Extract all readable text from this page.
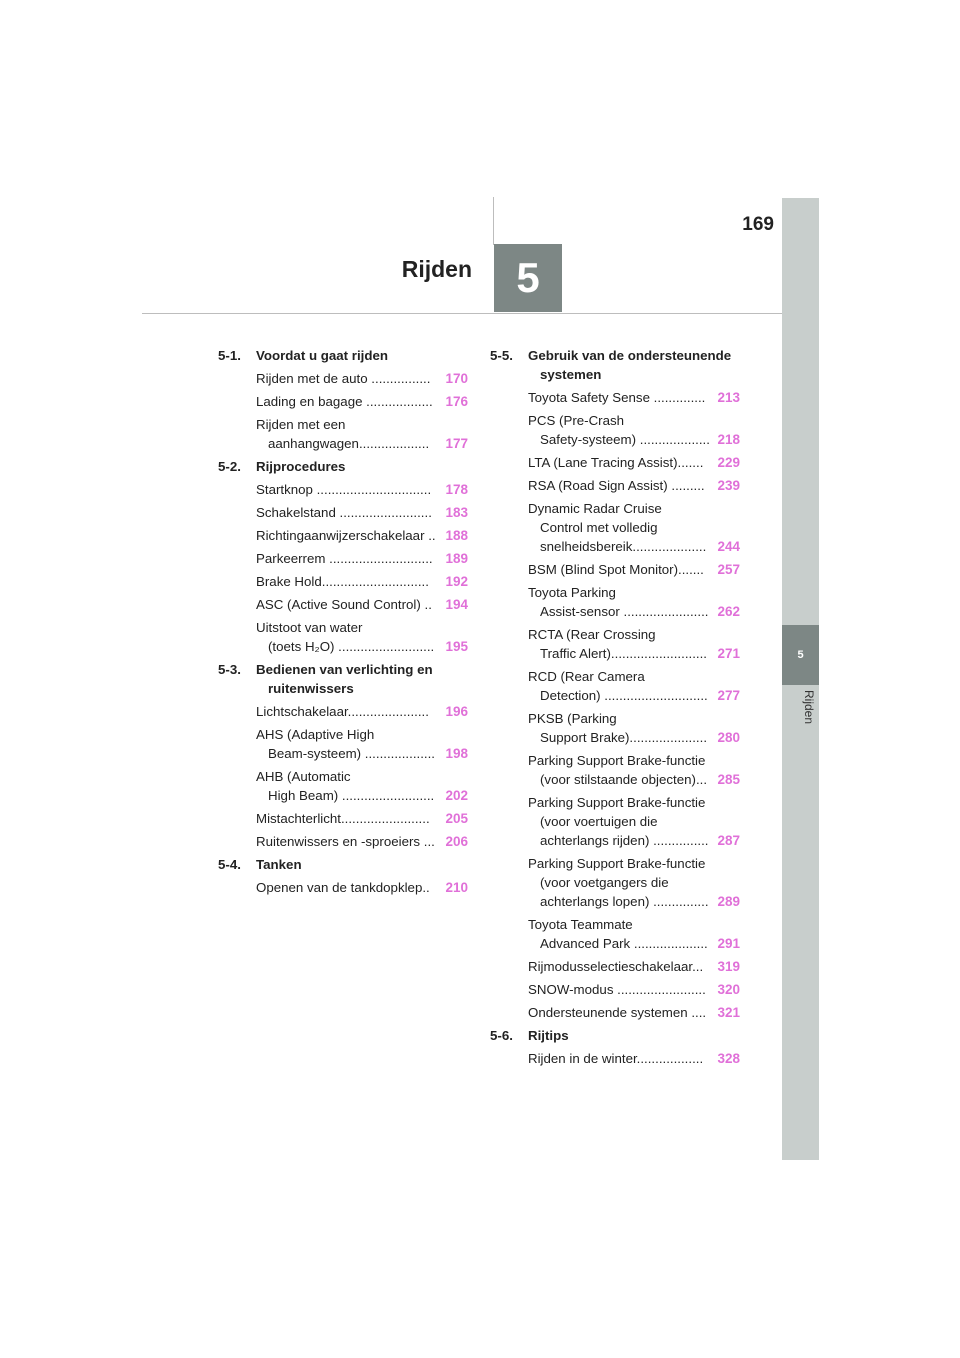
Rijden	5
169
5
Rijden
5-1.	Voordat u gaat rijden
Rijden met de auto ................	170
Lading en bagage .................. 176
Rijden met een
aanhangwagen...................	177
5-2.	Rijprocedures
Startknop ...............................	178
Schakelstand .........................	183
Richtingaanwijzerschakelaar .. 188
Parkeerrem ............................ 189
Brake Hold.............................	192
ASC (Active Sound Control) ..	194
Uitstoot van water
(toets H₂O) .......................... 195
5-3.	Bedienen van verlichting en ruitenwissers
Lichtschakelaar......................	196
AHS (Adaptive High
Beam-systeem) ................... 198
AHB (Automatic
High Beam) ......................... 202
Mistachterlicht........................	205
Ruitenwissers en -sproeiers ... 206
5-4.	Tanken
Openen van de tankdopklep..	210
5-5.	Gebruik van de ondersteunende systemen
Toyota Safety Sense .............. 213
PCS (Pre-Crash
Safety-systeem) ................... 218
LTA (Lane Tracing Assist).......	229
RSA (Road Sign Assist) ......... 239
Dynamic Radar Cruise
Control met volledig
snelheidsbereik.................... 244
BSM (Blind Spot Monitor).......	257
Toyota Parking
Assist-sensor ....................... 262
RCTA (Rear Crossing
Traffic Alert).......................... 271
RCD (Rear Camera
Detection) ............................ 277
PKSB (Parking
Support Brake)..................... 280
Parking Support Brake-functie
(voor stilstaande objecten)... 285
Parking Support Brake-functie
(voor voertuigen die
achterlangs rijden) ............... 287
Parking Support Brake-functie
(voor voetgangers die
achterlangs lopen) ............... 289
Toyota Teammate
Advanced Park .................... 291
Rijmodusselectieschakelaar...	319
SNOW-modus ........................ 320
Ondersteunende systemen .... 321
5-6.	Rijtips
Rijden in de winter..................	328
